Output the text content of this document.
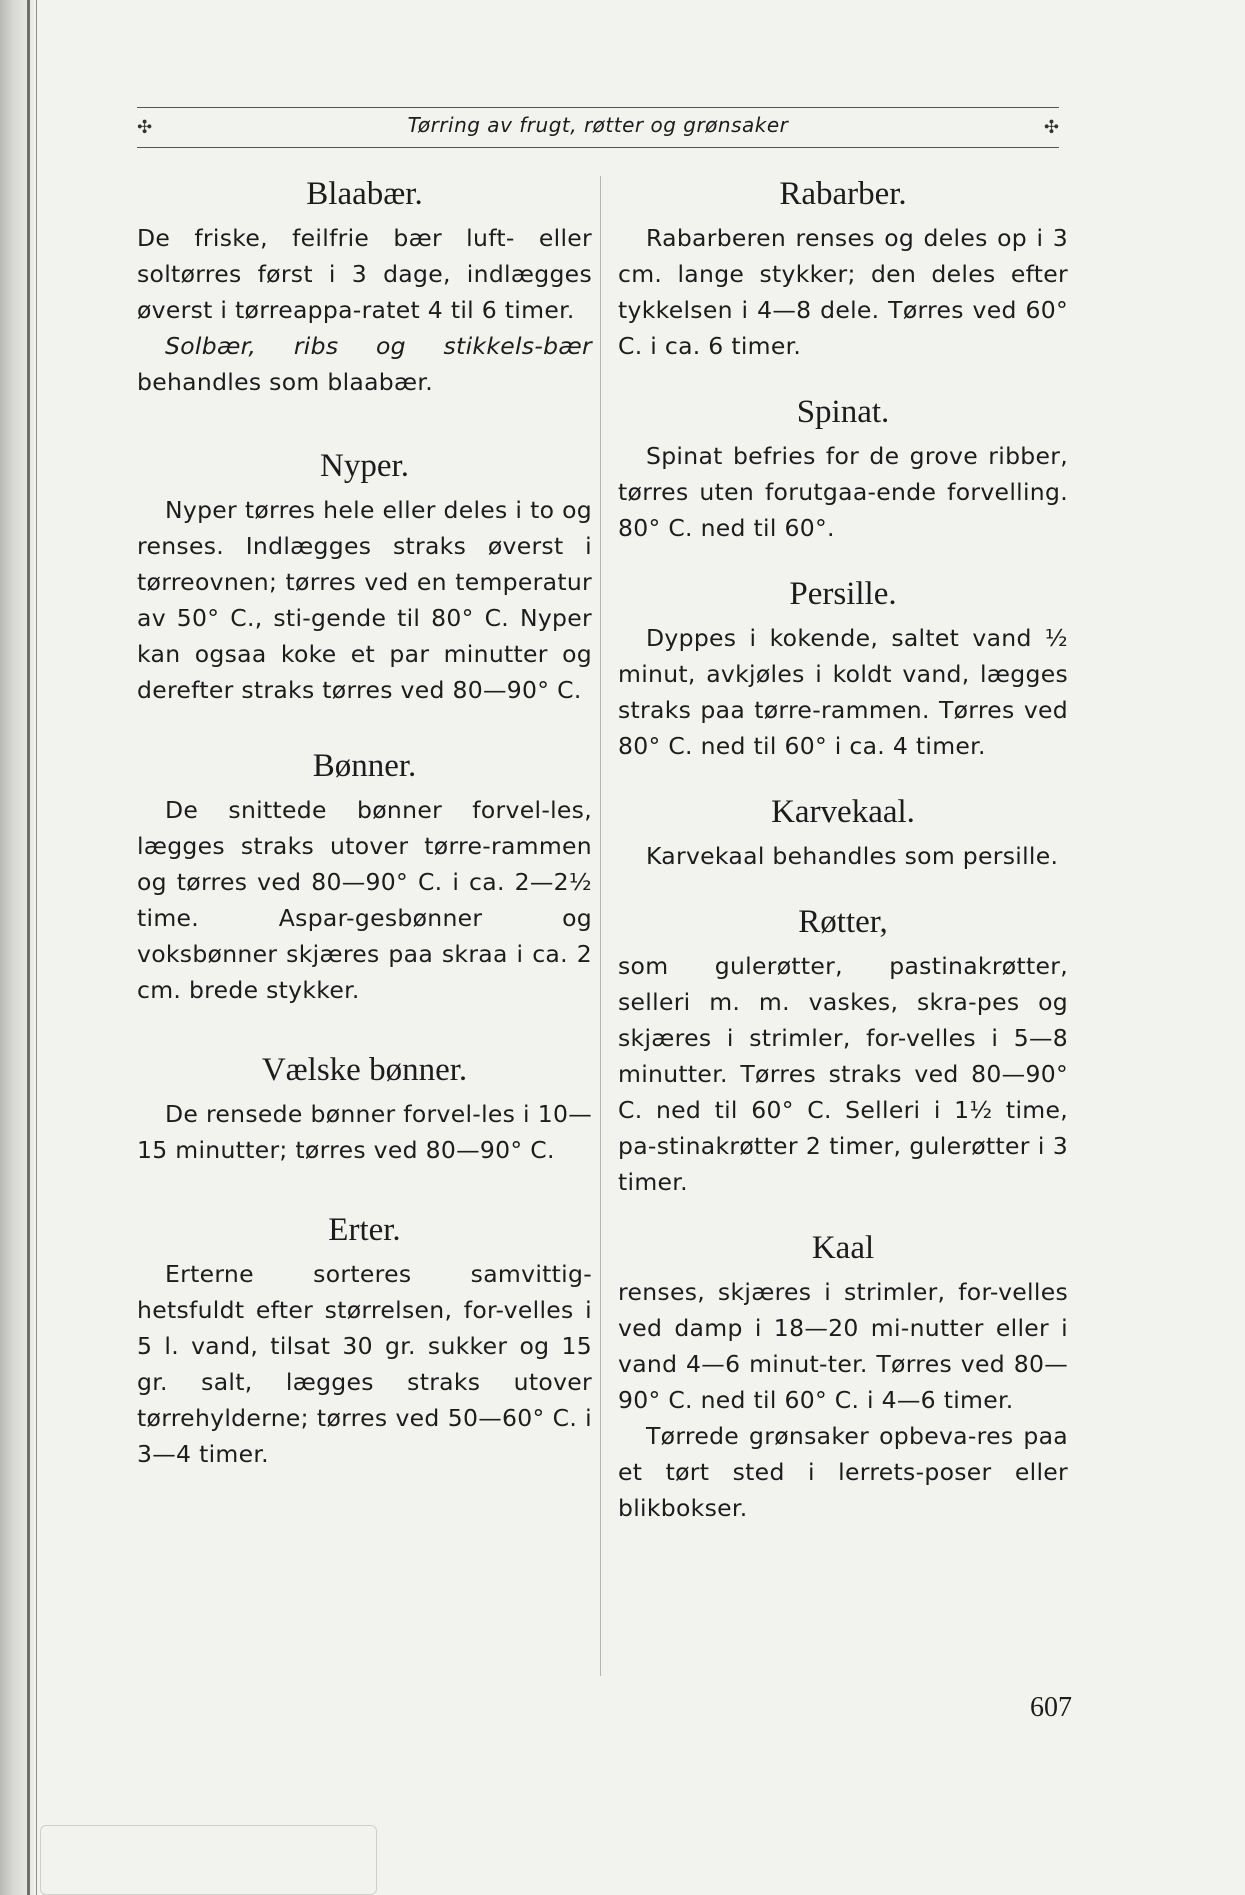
✣	Tørring av frugt, røtter og grønsaker	✣
Blaabær.

De friske, feilfrie bær luft- eller soltørres først i 3 dage, indlægges øverst i tørreappa-ratet 4 til 6 timer.

Solbær, ribs og stikkels-bær behandles som blaabær.

Nyper.

Nyper tørres hele eller deles i to og renses. Indlægges straks øverst i tørreovnen; tørres ved en temperatur av 50° C., sti-gende til 80° C. Nyper kan ogsaa koke et par minutter og derefter straks tørres ved 80—90° C.

Bønner.

De snittede bønner forvel-les, lægges straks utover tørre-rammen og tørres ved 80—90° C. i ca. 2—2½ time. Aspar-gesbønner og voksbønner skjæres paa skraa i ca. 2 cm. brede stykker.

Vælske bønner.

De rensede bønner forvel-les i 10—15 minutter; tørres ved 80—90° C.

Erter.

Erterne sorteres samvittig-hetsfuldt efter størrelsen, for-velles i 5 l. vand, tilsat 30 gr. sukker og 15 gr. salt, lægges straks utover tørrehylderne; tørres ved 50—60° C. i 3—4 timer.

Rabarber.

Rabarberen renses og deles op i 3 cm. lange stykker; den deles efter tykkelsen i 4—8 dele. Tørres ved 60° C. i ca. 6 timer.

Spinat.

Spinat befries for de grove ribber, tørres uten forutgaa-ende forvelling. 80° C. ned til 60°.

Persille.

Dyppes i kokende, saltet vand ½ minut, avkjøles i koldt vand, lægges straks paa tørre-rammen. Tørres ved 80° C. ned til 60° i ca. 4 timer.

Karvekaal.

Karvekaal behandles som persille.

Røtter,

som gulerøtter, pastinakrøtter, selleri m. m. vaskes, skra-pes og skjæres i strimler, for-velles i 5—8 minutter. Tørres straks ved 80—90° C. ned til 60° C. Selleri i 1½ time, pa-stinakrøtter 2 timer, gulerøtter i 3 timer.

Kaal

renses, skjæres i strimler, for-velles ved damp i 18—20 mi-nutter eller i vand 4—6 minut-ter. Tørres ved 80—90° C. ned til 60° C. i 4—6 timer.

Tørrede grønsaker opbeva-res paa et tørt sted i lerrets-poser eller blikbokser.

607
